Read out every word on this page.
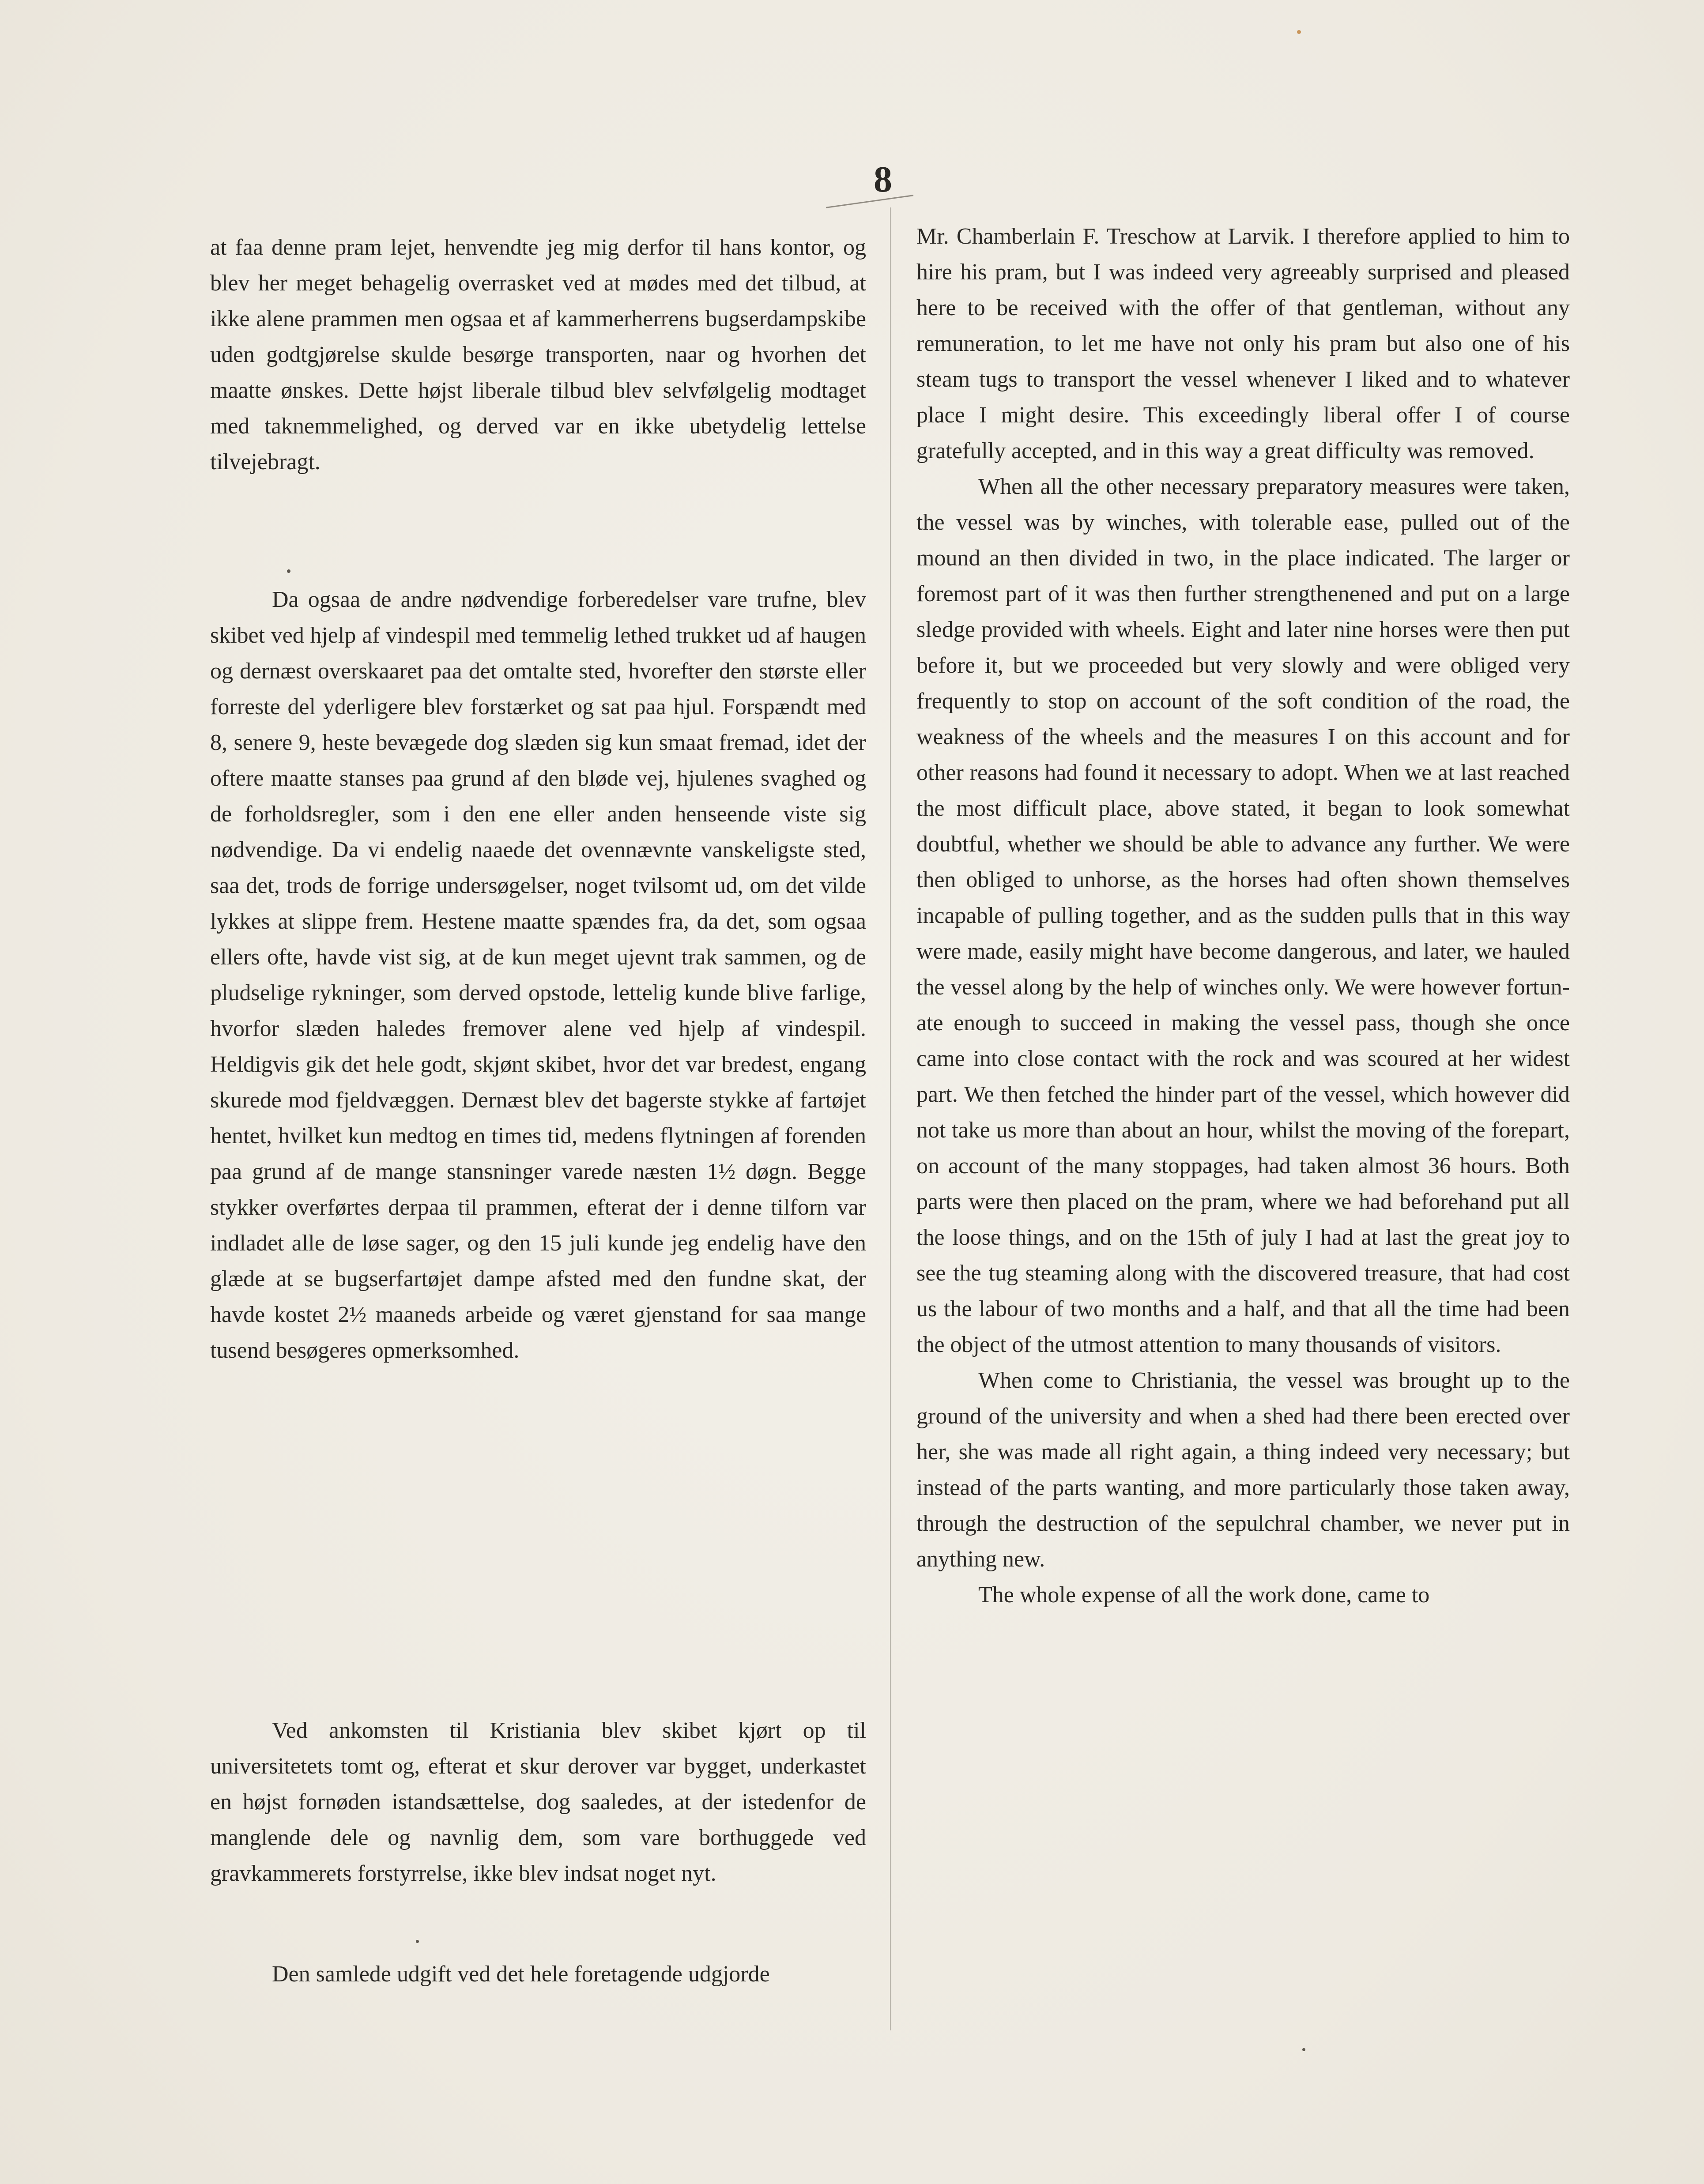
8

at faa denne pram lejet, henvendte jeg mig derfor til hans kontor, og blev her meget behagelig overrasket ved at mødes med det tilbud, at ikke alene prammen men ogsaa et af kammerherrens bugserdampskibe uden godtgjørelse skulde besørge transporten, naar og hvorhen det maatte ønskes. Dette højst liberale tilbud blev selvfølgelig modtaget med taknemmelighed, og derved var en ikke ubetydelig lettelse tilvejebragt.

Da ogsaa de andre nødvendige forberedelser vare trufne, blev skibet ved hjelp af vindespil med temmelig lethed trukket ud af haugen og dernæst overskaaret paa det omtalte sted, hvorefter den største eller forreste del yderligere blev forstærket og sat paa hjul. Forspændt med 8, senere 9, heste bevægede dog slæden sig kun smaat fremad, idet der oftere maatte stanses paa grund af den bløde vej, hjulenes svaghed og de forholdsregler, som i den ene eller anden henseende viste sig nødvendige. Da vi endelig naaede det ovennævnte vanskeligste sted, saa det, trods de forrige undersøgelser, noget tvilsomt ud, om det vilde lykkes at slippe frem. Hestene maatte spændes fra, da det, som ogsaa ellers ofte, havde vist sig, at de kun meget ujevnt trak sammen, og de pludselige rykninger, som derved opstode, lettelig kunde blive farlige, hvorfor slæden haledes fremover alene ved hjelp af vindespil. Heldigvis gik det hele godt, skjønt skibet, hvor det var bredest, engang skurede mod fjeldvæggen. Dernæst blev det bagerste stykke af fartøjet hentet, hvilket kun medtog en times tid, medens flytningen af forenden paa grund af de mange stansninger varede næsten 1½ døgn. Begge stykker overførtes derpaa til prammen, efterat der i denne tilforn var indladet alle de løse sager, og den 15 juli kunde jeg endelig have den glæde at se bugserfartøjet dampe afsted med den fundne skat, der havde kostet 2½ maaneds arbeide og været gjenstand for saa mange tusend besøgeres opmerksomhed.

Ved ankomsten til Kristiania blev skibet kjørt op til universitetets tomt og, efterat et skur derover var bygget, underkastet en højst fornøden istandsættelse, dog saaledes, at der istedenfor de manglende dele og navnlig dem, som vare borthuggede ved gravkammerets forstyrrelse, ikke blev indsat noget nyt.

Den samlede udgift ved det hele foretagende udgjorde

Mr. Chamberlain F. Treschow at Larvik. I therefore applied to him to hire his pram, but I was indeed very agreeably surprised and pleased here to be received with the offer of that gentleman, without any remuneration, to let me have not only his pram but also one of his steam tugs to transport the vessel whenever I liked and to whatever place I might desire. This exceedingly liberal offer I of course gratefully accepted, and in this way a great difficulty was removed.

When all the other necessary preparatory measures were taken, the vessel was by winches, with tolerable ease, pulled out of the mound an then divided in two, in the place indicated. The larger or foremost part of it was then further strengthenened and put on a large sledge provided with wheels. Eight and later nine horses were then put before it, but we proceeded but very slowly and were obliged very frequently to stop on account of the soft condition of the road, the weakness of the wheels and the measures I on this account and for other reasons had found it necessary to adopt. When we at last reached the most difficult place, above stated, it began to look somewhat doubtful, whether we should be able to advance any further. We were then obliged to unhorse, as the horses had often shown themselves incapable of pulling together, and as the sudden pulls that in this way were made, easily might have become dangerous, and later, we hauled the vessel along by the help of winches only. We were however fortunate enough to succeed in making the vessel pass, though she once came into close contact with the rock and was scoured at her widest part. We then fetched the hinder part of the vessel, which however did not take us more than about an hour, whilst the moving of the forepart, on account of the many stoppages, had taken almost 36 hours. Both parts were then placed on the pram, where we had beforehand put all the loose things, and on the 15th of july I had at last the great joy to see the tug steaming along with the discovered treasure, that had cost us the labour of two months and a half, and that all the time had been the object of the utmost attention to many thousands of visitors.

When come to Christiania, the vessel was brought up to the ground of the university and when a shed had there been erected over her, she was made all right again, a thing indeed very necessary; but instead of the parts wanting, and more particularly those taken away, through the destruction of the sepulchral chamber, we never put in anything new.

The whole expense of all the work done, came to
